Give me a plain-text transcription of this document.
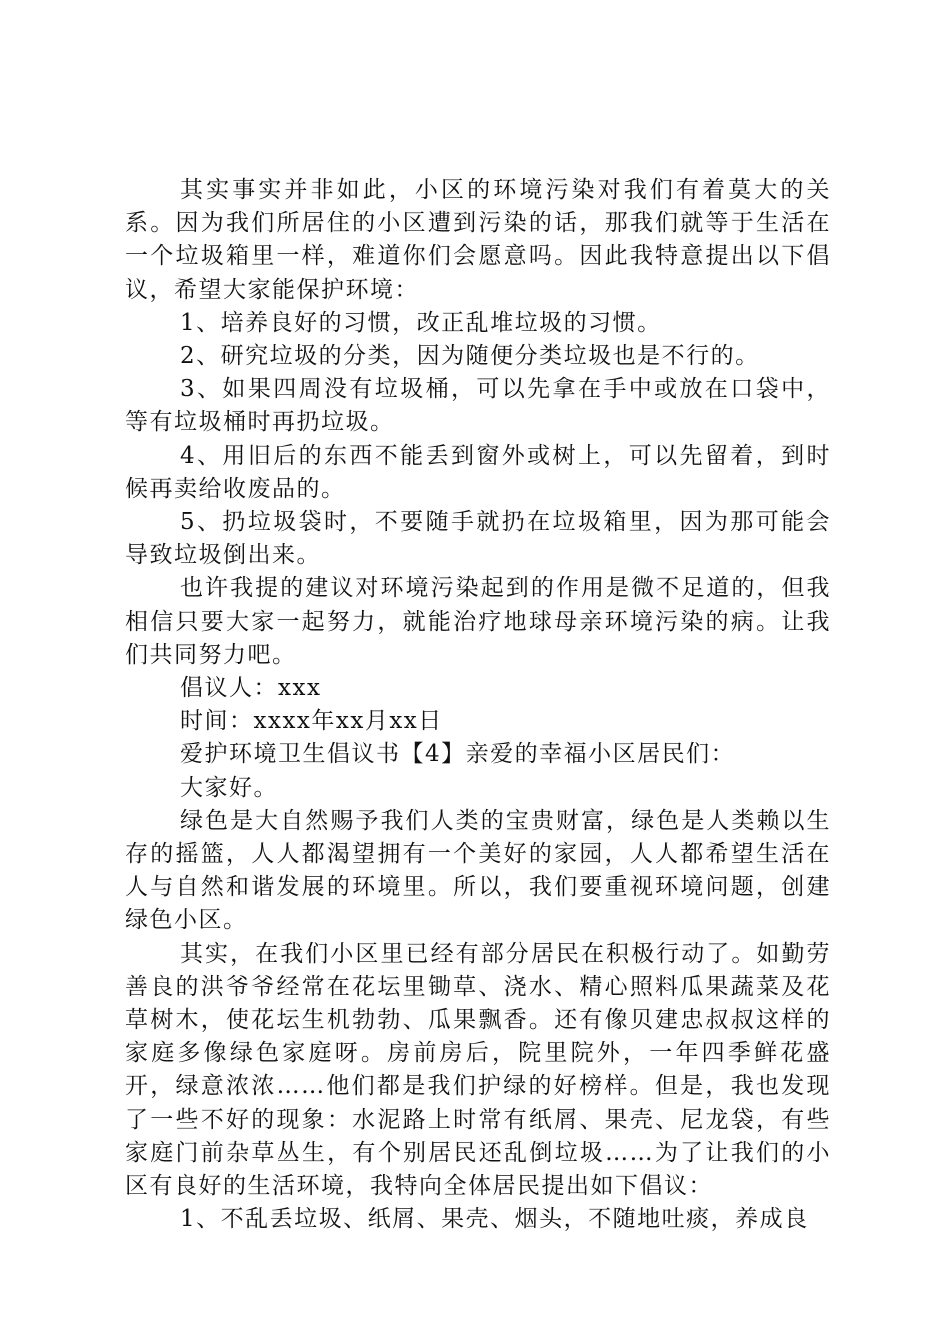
其实事实并非如此，小区的环境污染对我们有着莫大的关系。因为我们所居住的小区遭到污染的话，那我们就等于生活在一个垃圾箱里一样，难道你们会愿意吗。因此我特意提出以下倡议，希望大家能保护环境：

1、培养良好的习惯，改正乱堆垃圾的习惯。

2、研究垃圾的分类，因为随便分类垃圾也是不行的。

3、如果四周没有垃圾桶，可以先拿在手中或放在口袋中，等有垃圾桶时再扔垃圾。

4、用旧后的东西不能丢到窗外或树上，可以先留着，到时候再卖给收废品的。

5、扔垃圾袋时，不要随手就扔在垃圾箱里，因为那可能会导致垃圾倒出来。

也许我提的建议对环境污染起到的作用是微不足道的，但我相信只要大家一起努力，就能治疗地球母亲环境污染的病。让我们共同努力吧。

倡议人：xxx

时间：xxxx年xx月xx日

爱护环境卫生倡议书【4】亲爱的幸福小区居民们：

大家好。

绿色是大自然赐予我们人类的宝贵财富，绿色是人类赖以生存的摇篮，人人都渴望拥有一个美好的家园，人人都希望生活在人与自然和谐发展的环境里。所以，我们要重视环境问题，创建绿色小区。

其实，在我们小区里已经有部分居民在积极行动了。如勤劳善良的洪爷爷经常在花坛里锄草、浇水、精心照料瓜果蔬菜及花草树木，使花坛生机勃勃、瓜果飘香。还有像贝建忠叔叔这样的家庭多像绿色家庭呀。房前房后，院里院外，一年四季鲜花盛开，绿意浓浓……他们都是我们护绿的好榜样。但是，我也发现了一些不好的现象：水泥路上时常有纸屑、果壳、尼龙袋，有些家庭门前杂草丛生，有个别居民还乱倒垃圾……为了让我们的小区有良好的生活环境，我特向全体居民提出如下倡议：

1、不乱丢垃圾、纸屑、果壳、烟头，不随地吐痰，养成良
